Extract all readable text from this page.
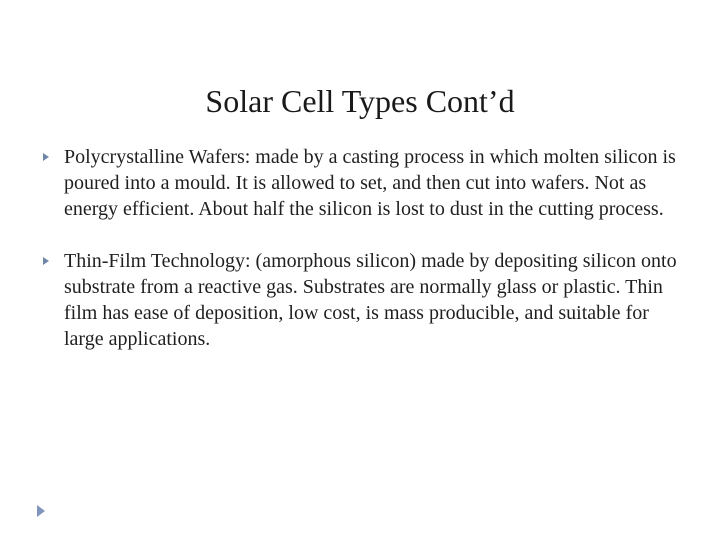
Solar Cell Types Cont’d
Polycrystalline Wafers: made by a casting process in which molten silicon is poured into a mould. It is allowed to set, and then cut into wafers. Not as energy efficient. About half the silicon is lost to dust in the cutting process.
Thin-Film Technology: (amorphous silicon) made by depositing silicon onto substrate from a reactive gas. Substrates are normally glass or plastic. Thin film has ease of deposition, low cost, is mass producible, and suitable for large applications.
